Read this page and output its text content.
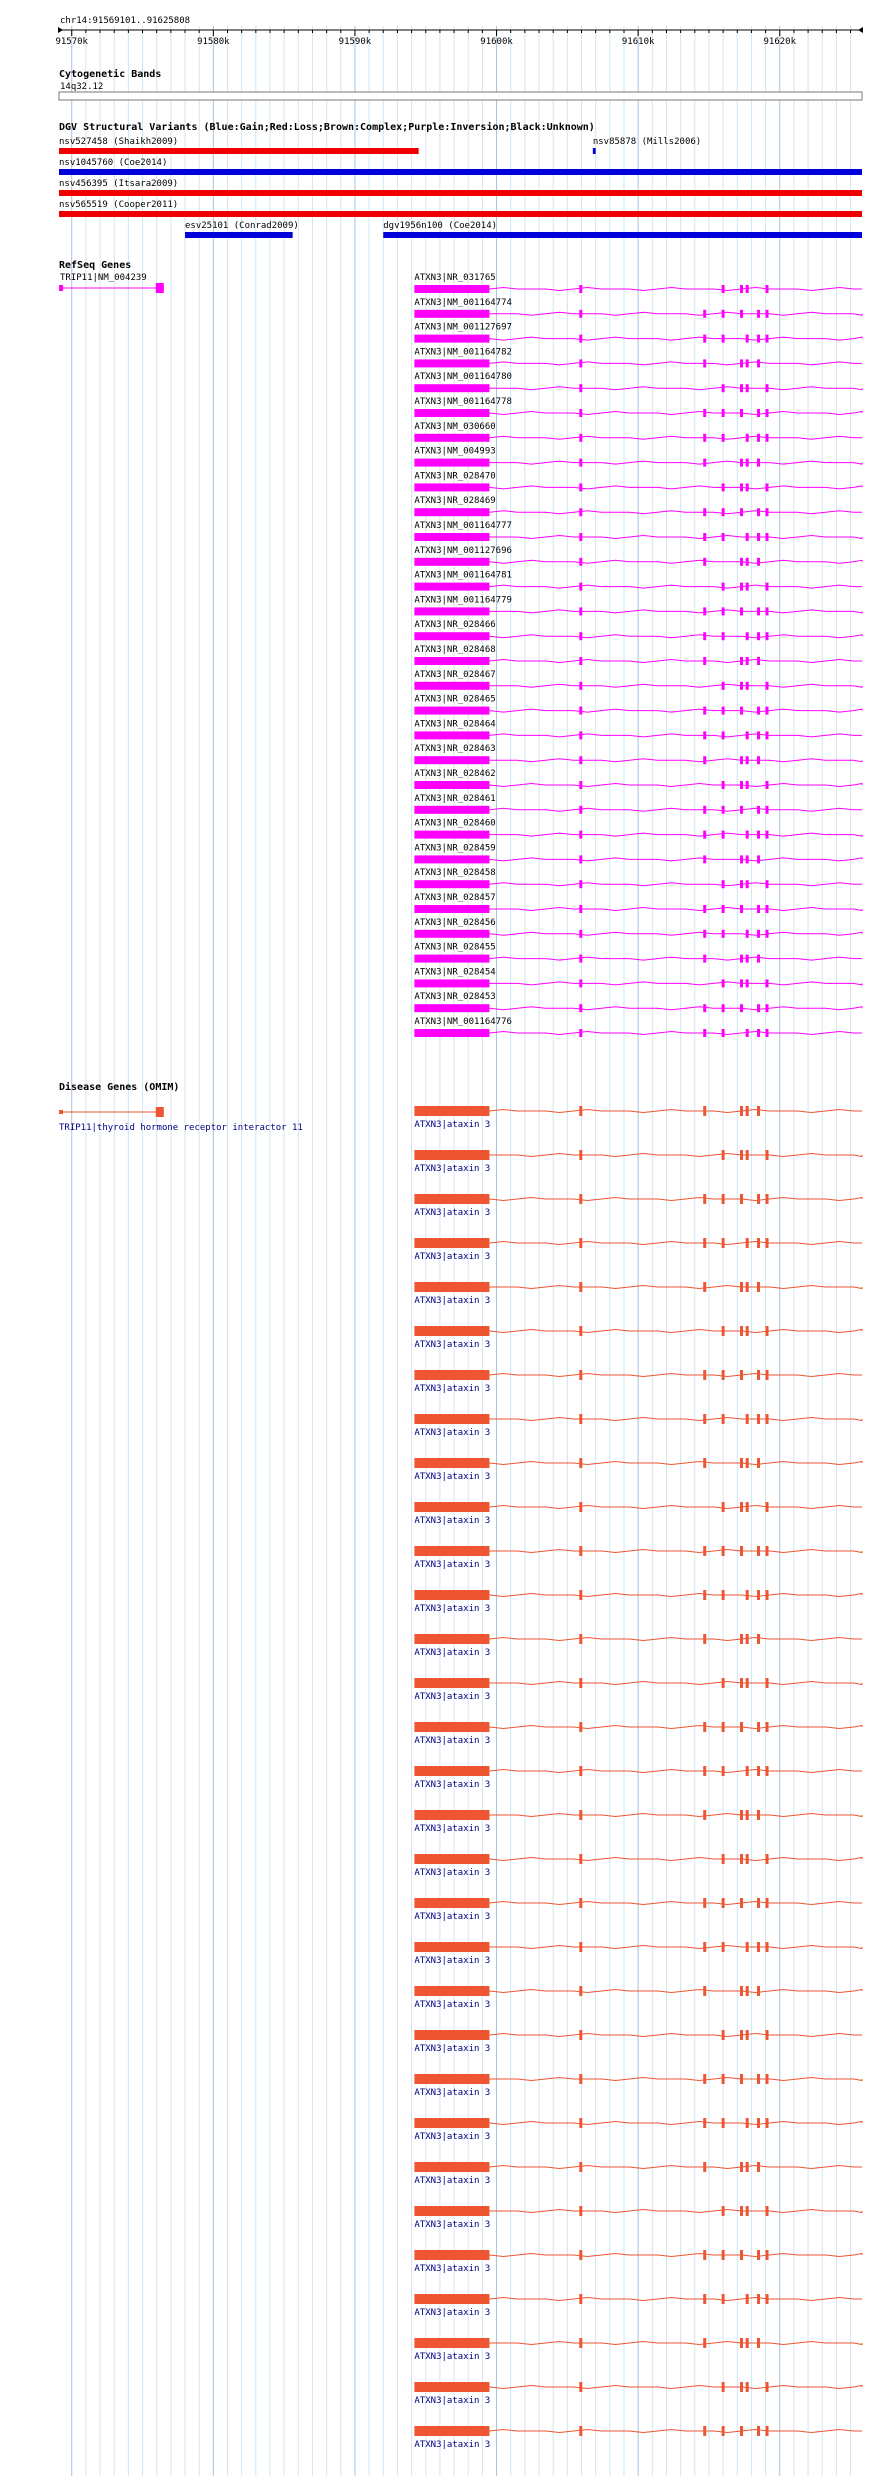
chr14:91569101..91625808
91570k	91580k	91590k	91600k	91610k	91620k
Cytogenetic Bands
14q32.12
DGV Structural Variants (Blue:Gain;Red:Loss;Brown:Complex;Purple:Inversion;Black:Unknown)
nsv527458 (Shaikh2009)	nsv85878 (Mills2006)
nsv1045760 (Coe2014)
nsv456395 (Itsara2009)
nsv565519 (Cooper2011)
esv25101 (Conrad2009)	dgv1956n100 (Coe2014)
RefSeq Genes
TRIP11|NM_004239	ATXN3|NR_031765
ATXN3|NM_001164774
ATXN3|NM_001127697
ATXN3|NM_001164782
ATXN3|NM_001164780
ATXN3|NM_001164778
ATXN3|NM_030660
ATXN3|NM_004993
ATXN3|NR_028470
ATXN3|NR_028469
ATXN3|NM_001164777
ATXN3|NM_001127696
ATXN3|NM_001164781
ATXN3|NM_001164779
ATXN3|NR_028466
ATXN3|NR_028468
ATXN3|NR_028467
ATXN3|NR_028465
ATXN3|NR_028464
ATXN3|NR_028463
ATXN3|NR_028462
ATXN3|NR_028461
ATXN3|NR_028460
ATXN3|NR_028459
ATXN3|NR_028458
ATXN3|NR_028457
ATXN3|NR_028456
ATXN3|NR_028455
ATXN3|NR_028454
ATXN3|NR_028453
ATXN3|NM_001164776
Disease Genes (OMIM)
TRIP11|thyroid hormone receptor interactor 11	ATXN3|ataxin 3
ATXN3|ataxin 3
ATXN3|ataxin 3
ATXN3|ataxin 3
ATXN3|ataxin 3
ATXN3|ataxin 3
ATXN3|ataxin 3
ATXN3|ataxin 3
ATXN3|ataxin 3
ATXN3|ataxin 3
ATXN3|ataxin 3
ATXN3|ataxin 3
ATXN3|ataxin 3
ATXN3|ataxin 3
ATXN3|ataxin 3
ATXN3|ataxin 3
ATXN3|ataxin 3
ATXN3|ataxin 3
ATXN3|ataxin 3
ATXN3|ataxin 3
ATXN3|ataxin 3
ATXN3|ataxin 3
ATXN3|ataxin 3
ATXN3|ataxin 3
ATXN3|ataxin 3
ATXN3|ataxin 3
ATXN3|ataxin 3
ATXN3|ataxin 3
ATXN3|ataxin 3
ATXN3|ataxin 3
ATXN3|ataxin 3
